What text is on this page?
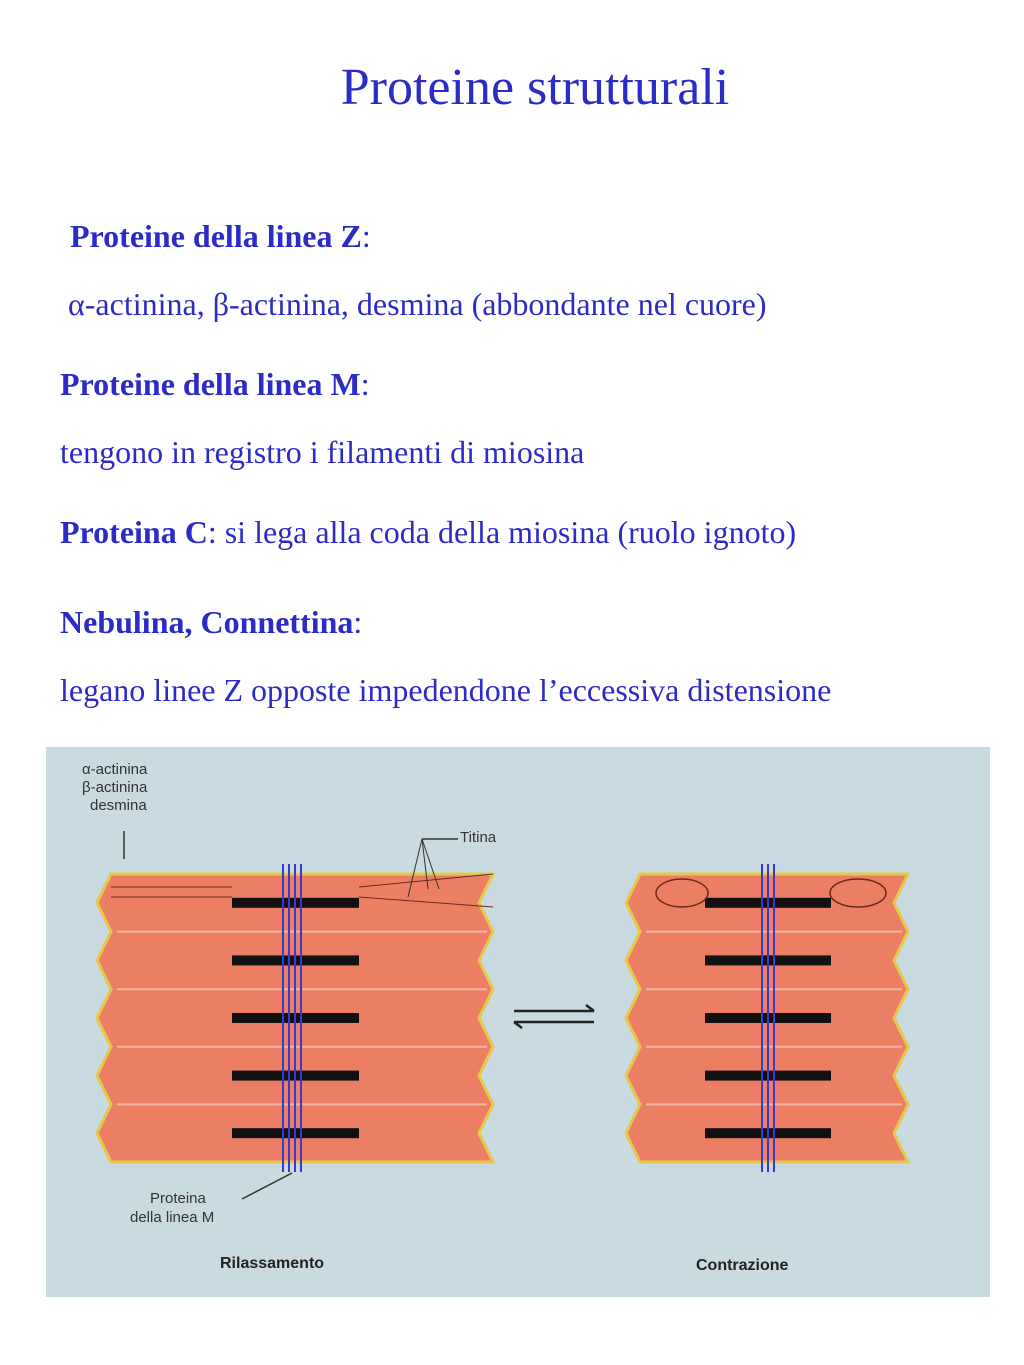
Proteine strutturali
Proteine della linea Z:
α-actinina, β-actinina, desmina (abbondante nel cuore)
Proteine della linea M:
tengono in registro i filamenti di miosina
Proteina C: si lega alla coda della miosina (ruolo ignoto)
Nebulina, Connettina:
legano linee Z opposte impedendone l’eccessiva distensione
α-actinina
β-actinina
desmina
Titina
Proteina
della linea M
Rilassamento	Contrazione
